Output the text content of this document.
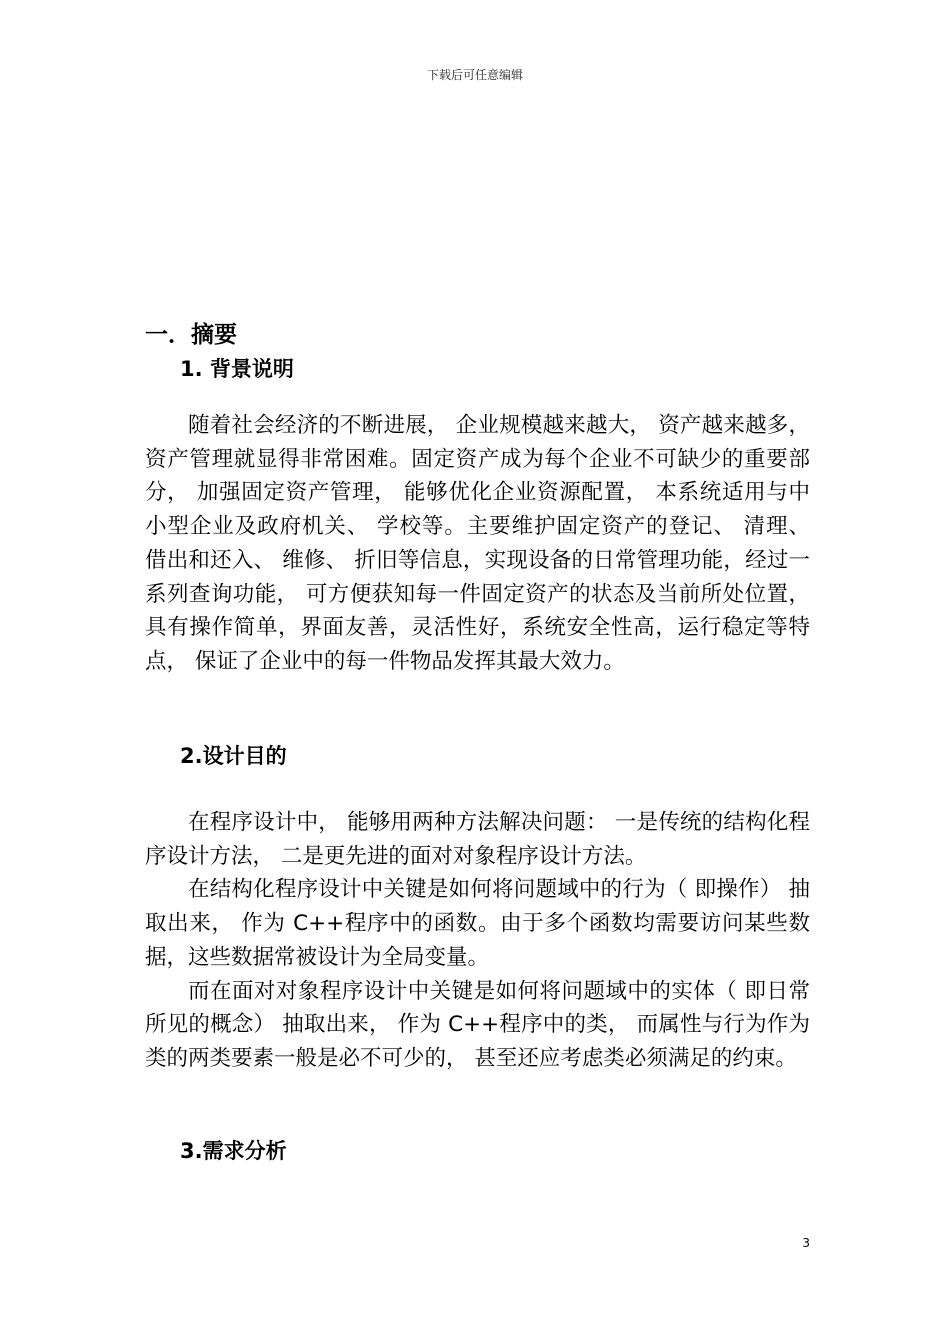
下载后可任意编辑
一．摘要
1. 背景说明

随着社会经济的不断进展， 企业规模越来越大， 资产越来越多， 资产管理就显得非常困难。固定资产成为每个企业不可缺少的重要部分， 加强固定资产管理， 能够优化企业资源配置， 本系统适用与中小型企业及政府机关、 学校等。主要维护固定资产的登记、 清理、 借出和还入、 维修、 折旧等信息，实现设备的日常管理功能，经过一系列查询功能， 可方便获知每一件固定资产的状态及当前所处位置，具有操作简单，界面友善，灵活性好，系统安全性高，运行稳定等特点， 保证了企业中的每一件物品发挥其最大效力。

2.设计目的

在程序设计中， 能够用两种方法解决问题： 一是传统的结构化程序设计方法， 二是更先进的面对对象程序设计方法。

在结构化程序设计中关键是如何将问题域中的行为（ 即操作） 抽取出来， 作为 C++程序中的函数。由于多个函数均需要访问某些数据，这些数据常被设计为全局变量。

而在面对对象程序设计中关键是如何将问题域中的实体（ 即日常所见的概念） 抽取出来， 作为 C++程序中的类， 而属性与行为作为类的两类要素一般是必不可少的， 甚至还应考虑类必须满足的约束。

3.需求分析
3
